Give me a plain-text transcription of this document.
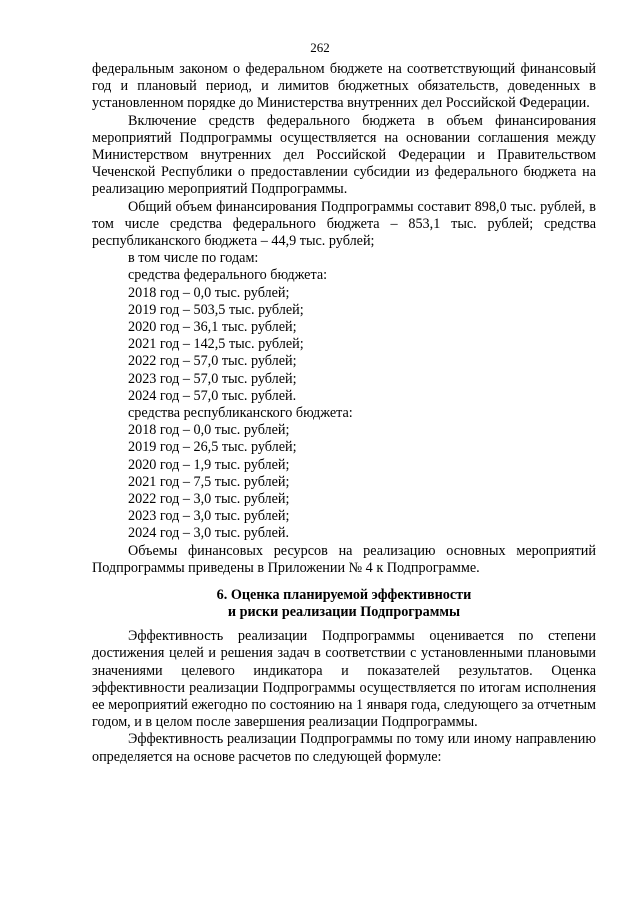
262

федеральным законом о федеральном бюджете на соответствующий финансовый год и плановый период, и лимитов бюджетных обязательств, доведенных в установленном порядке до Министерства внутренних дел Российской Федерации.

Включение средств федерального бюджета в объем финансирования мероприятий Подпрограммы осуществляется на основании соглашения между Министерством внутренних дел Российской Федерации и Правительством Чеченской Республики о предоставлении субсидии из федерального бюджета на реализацию мероприятий Подпрограммы.

Общий объем финансирования Подпрограммы составит 898,0 тыс. рублей, в том числе средства федерального бюджета – 853,1 тыс. рублей; средства республиканского бюджета – 44,9 тыс. рублей;

в том числе по годам:

средства федерального бюджета:

2018 год – 0,0 тыс. рублей;

2019 год – 503,5 тыс. рублей;

2020 год – 36,1 тыс. рублей;

2021 год – 142,5 тыс. рублей;

2022 год – 57,0 тыс. рублей;

2023 год – 57,0 тыс. рублей;

2024 год – 57,0 тыс. рублей.

средства республиканского бюджета:

2018 год – 0,0 тыс. рублей;

2019 год – 26,5 тыс. рублей;

2020 год – 1,9 тыс. рублей;

2021 год – 7,5 тыс. рублей;

2022 год – 3,0 тыс. рублей;

2023 год – 3,0 тыс. рублей;

2024 год – 3,0 тыс. рублей.

Объемы финансовых ресурсов на реализацию основных мероприятий Подпрограммы приведены в Приложении № 4 к Подпрограмме.

6. Оценка планируемой эффективности
и риски реализации Подпрограммы

Эффективность реализации Подпрограммы оценивается по степени достижения целей и решения задач в соответствии с установленными плановыми значениями целевого индикатора и показателей результатов. Оценка эффективности реализации Подпрограммы осуществляется по итогам исполнения ее мероприятий ежегодно по состоянию на 1 января года, следующего за отчетным годом, и в целом после завершения реализации Подпрограммы.

Эффективность реализации Подпрограммы по тому или иному направлению определяется на основе расчетов по следующей формуле:
